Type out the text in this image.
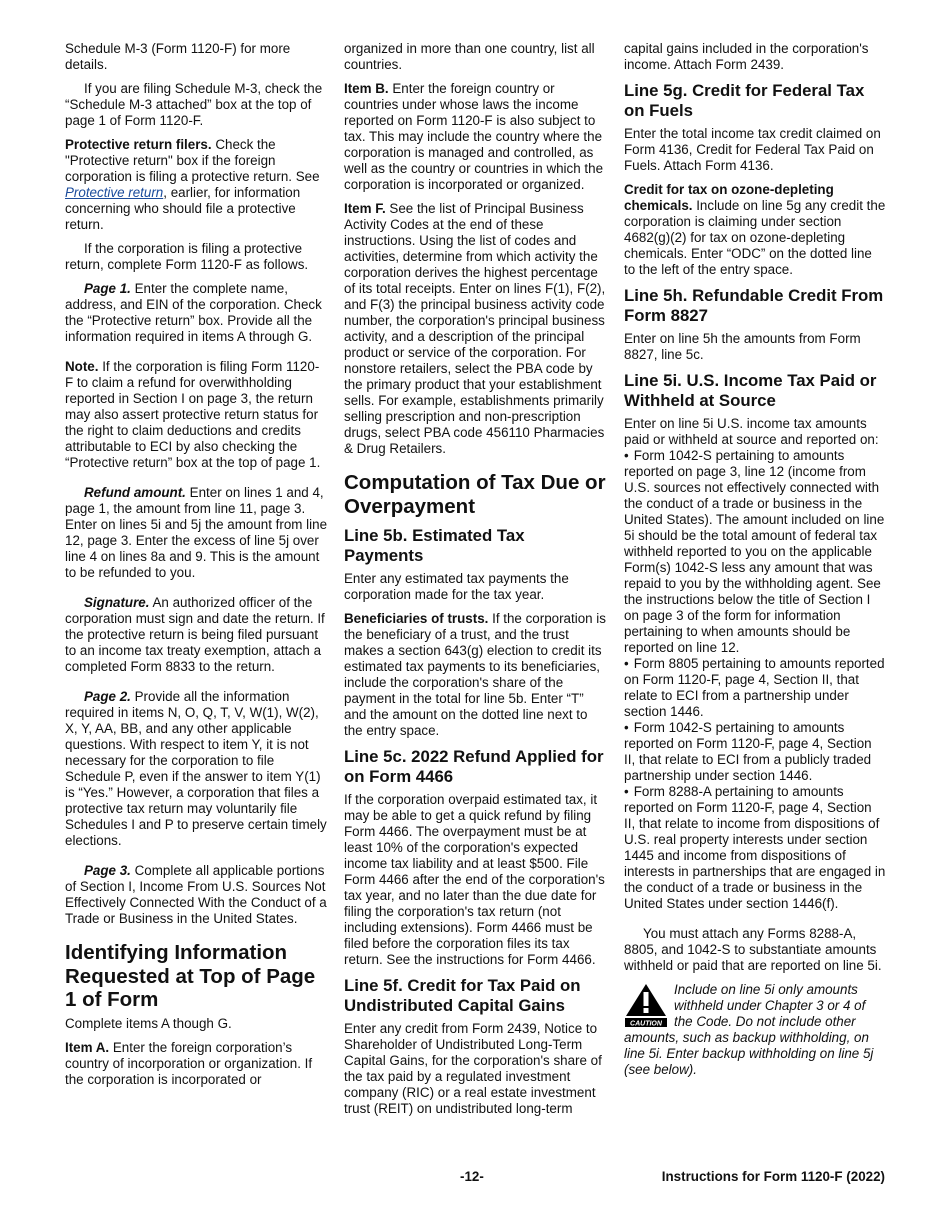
Schedule M-3 (Form 1120-F) for more details.

If you are filing Schedule M-3, check the “Schedule M-3 attached” box at the top of page 1 of Form 1120-F.

Protective return filers. Check the "Protective return" box if the foreign corporation is filing a protective return. See Protective return, earlier, for information concerning who should file a protective return.

If the corporation is filing a protective return, complete Form 1120-F as follows.

Page 1. Enter the complete name, address, and EIN of the corporation. Check the “Protective return” box. Provide all the information required in items A through G.

Note. If the corporation is filing Form 1120-F to claim a refund for overwithholding reported in Section I on page 3, the return may also assert protective return status for the right to claim deductions and credits attributable to ECI by also checking the “Protective return” box at the top of page 1.

Refund amount. Enter on lines 1 and 4, page 1, the amount from line 11, page 3. Enter on lines 5i and 5j the amount from line 12, page 3. Enter the excess of line 5j over line 4 on lines 8a and 9. This is the amount to be refunded to you.

Signature. An authorized officer of the corporation must sign and date the return. If the protective return is being filed pursuant to an income tax treaty exemption, attach a completed Form 8833 to the return.

Page 2. Provide all the information required in items N, O, Q, T, V, W(1), W(2), X, Y, AA, BB, and any other applicable questions. With respect to item Y, it is not necessary for the corporation to file Schedule P, even if the answer to item Y(1) is “Yes.” However, a corporation that files a protective tax return may voluntarily file Schedules I and P to preserve certain timely elections.

Page 3. Complete all applicable portions of Section I, Income From U.S. Sources Not Effectively Connected With the Conduct of a Trade or Business in the United States.

Identifying Information Requested at Top of Page 1 of Form

Complete items A though G.

Item A. Enter the foreign corporation’s country of incorporation or organization. If the corporation is incorporated or

organized in more than one country, list all countries.

Item B. Enter the foreign country or countries under whose laws the income reported on Form 1120-F is also subject to tax. This may include the country where the corporation is managed and controlled, as well as the country or countries in which the corporation is incorporated or organized.

Item F. See the list of Principal Business Activity Codes at the end of these instructions. Using the list of codes and activities, determine from which activity the corporation derives the highest percentage of its total receipts. Enter on lines F(1), F(2), and F(3) the principal business activity code number, the corporation's principal business activity, and a description of the principal product or service of the corporation. For nonstore retailers, select the PBA code by the primary product that your establishment sells. For example, establishments primarily selling prescription and non-prescription drugs, select PBA code 456110 Pharmacies & Drug Retailers.

Computation of Tax Due or Overpayment
Line 5b. Estimated Tax Payments

Enter any estimated tax payments the corporation made for the tax year.

Beneficiaries of trusts. If the corporation is the beneficiary of a trust, and the trust makes a section 643(g) election to credit its estimated tax payments to its beneficiaries, include the corporation's share of the payment in the total for line 5b. Enter “T” and the amount on the dotted line next to the entry space.

Line 5c. 2022 Refund Applied for on Form 4466

If the corporation overpaid estimated tax, it may be able to get a quick refund by filing Form 4466. The overpayment must be at least 10% of the corporation's expected income tax liability and at least $500. File Form 4466 after the end of the corporation's tax year, and no later than the due date for filing the corporation's tax return (not including extensions). Form 4466 must be filed before the corporation files its tax return. See the instructions for Form 4466.

Line 5f. Credit for Tax Paid on Undistributed Capital Gains

Enter any credit from Form 2439, Notice to Shareholder of Undistributed Long-Term Capital Gains, for the corporation's share of the tax paid by a regulated investment company (RIC) or a real estate investment trust (REIT) on undistributed long-term

capital gains included in the corporation's income. Attach Form 2439.

Line 5g. Credit for Federal Tax on Fuels

Enter the total income tax credit claimed on Form 4136, Credit for Federal Tax Paid on Fuels. Attach Form 4136.

Credit for tax on ozone-depleting chemicals. Include on line 5g any credit the corporation is claiming under section 4682(g)(2) for tax on ozone-depleting chemicals. Enter “ODC” on the dotted line to the left of the entry space.

Line 5h. Refundable Credit From Form 8827

Enter on line 5h the amounts from Form 8827, line 5c.

Line 5i. U.S. Income Tax Paid or Withheld at Source

Enter on line 5i U.S. income tax amounts paid or withheld at source and reported on:

• Form 1042-S pertaining to amounts reported on page 3, line 12 (income from U.S. sources not effectively connected with the conduct of a trade or business in the United States). The amount included on line 5i should be the total amount of federal tax withheld reported to you on the applicable Form(s) 1042-S less any amount that was repaid to you by the withholding agent. See the instructions below the title of Section I on page 3 of the form for information pertaining to when amounts should be reported on line 12.

• Form 8805 pertaining to amounts reported on Form 1120-F, page 4, Section II, that relate to ECI from a partnership under section 1446.

• Form 1042-S pertaining to amounts reported on Form 1120-F, page 4, Section II, that relate to ECI from a publicly traded partnership under section 1446.

• Form 8288-A pertaining to amounts reported on Form 1120-F, page 4, Section II, that relate to income from dispositions of U.S. real property interests under section 1445 and income from dispositions of interests in partnerships that are engaged in the conduct of a trade or business in the United States under section 1446(f).

You must attach any Forms 8288-A, 8805, and 1042-S to substantiate amounts withheld or paid that are reported on line 5i.

CAUTION
Include on line 5i only amounts withheld under Chapter 3 or 4 of the Code. Do not include other amounts, such as backup withholding, on line 5i. Enter backup withholding on line 5j (see below).
-12-	Instructions for Form 1120-F (2022)
